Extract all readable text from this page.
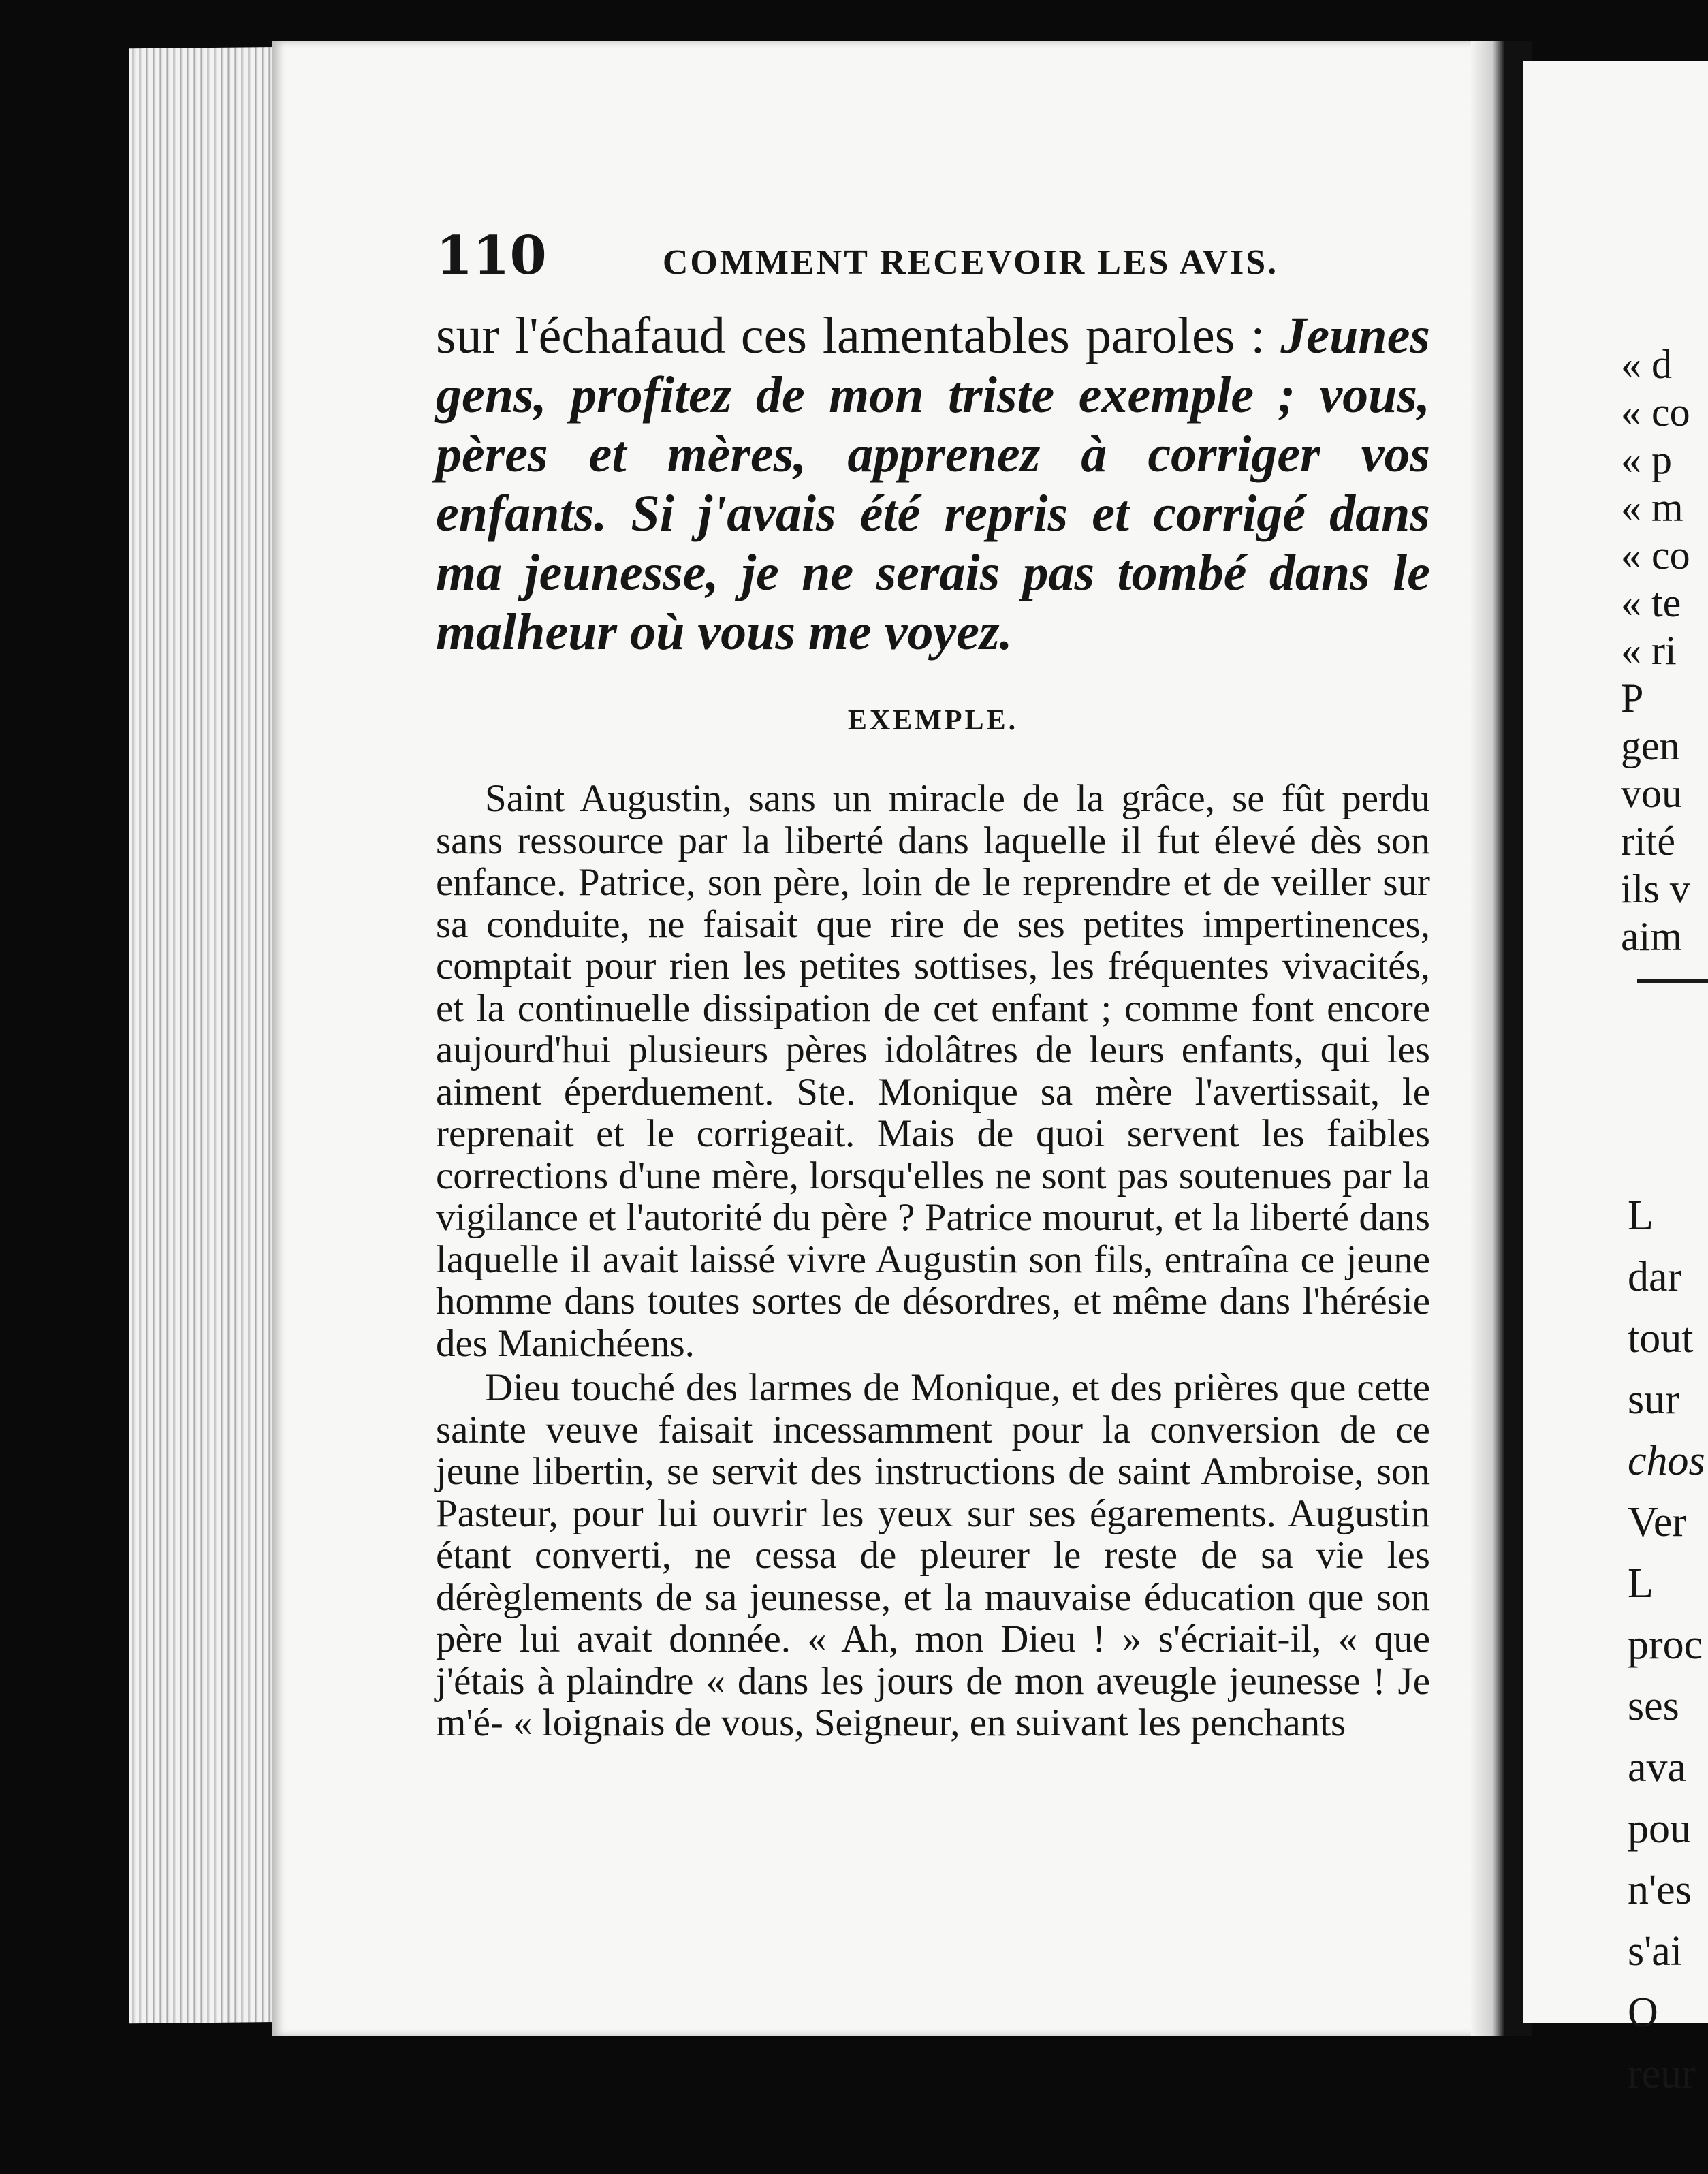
110	COMMENT RECEVOIR LES AVIS.

sur l'échafaud ces lamentables paroles : Jeunes gens, profitez de mon triste exemple ; vous, pères et mères, apprenez à corriger vos enfants. Si j'avais été repris et corrigé dans ma jeunesse, je ne serais pas tombé dans le malheur où vous me voyez.

EXEMPLE.

Saint Augustin, sans un miracle de la grâce, se fût perdu sans ressource par la liberté dans laquelle il fut élevé dès son enfance. Patrice, son père, loin de le reprendre et de veiller sur sa conduite, ne faisait que rire de ses petites impertinences, comptait pour rien les petites sottises, les fréquentes vivacités, et la continuelle dissipation de cet enfant ; comme font encore aujourd'hui plusieurs pères idolâtres de leurs enfants, qui les aiment éperduement. Ste. Monique sa mère l'avertissait, le reprenait et le corrigeait. Mais de quoi servent les faibles corrections d'une mère, lorsqu'elles ne sont pas soutenues par la vigilance et l'autorité du père ? Patrice mourut, et la liberté dans laquelle il avait laissé vivre Augustin son fils, entraîna ce jeune homme dans toutes sortes de désordres, et même dans l'hérésie des Manichéens.

Dieu touché des larmes de Monique, et des prières que cette sainte veuve faisait incessamment pour la conversion de ce jeune libertin, se servit des instructions de saint Ambroise, son Pasteur, pour lui ouvrir les yeux sur ses égarements. Augustin étant converti, ne cessa de pleurer le reste de sa vie les dérèglements de sa jeunesse, et la mauvaise éducation que son père lui avait donnée. « Ah, mon Dieu ! » s'écriait-il, « que j'étais à plaindre « dans les jours de mon aveugle jeunesse ! Je m'é- « loignais de vous, Seigneur, en suivant les penchants

« d
« co
« p
« m
« co
« te
« ri
P
gen
vou
rité
ils v
aim
L
dar
tout
sur
chos
Ver
L
proc
ses
ava
pou
n'es
s'ai
O
reur
